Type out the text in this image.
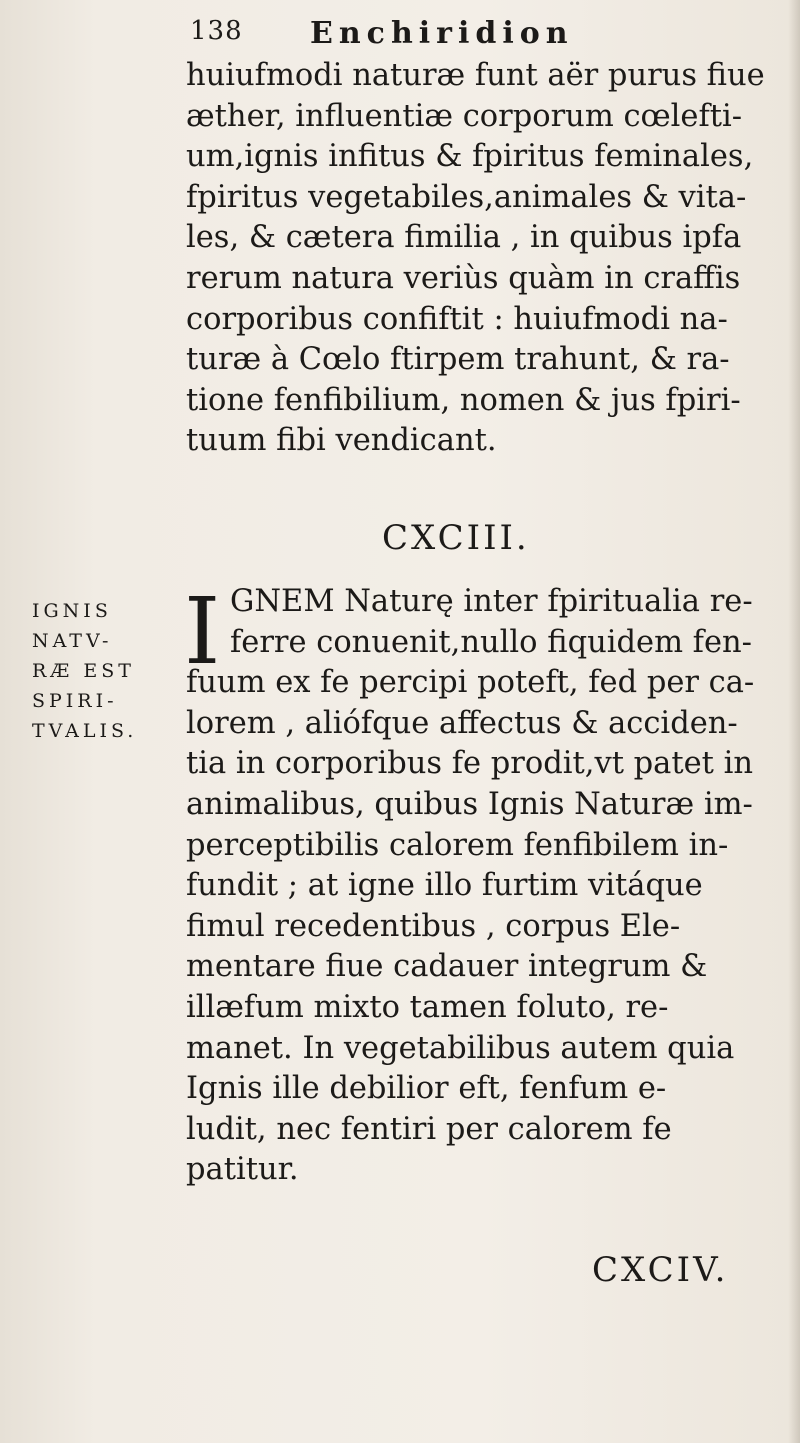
138 Enchiridion
huiufmodi naturæ funt aër purus fiue
æther, influentiæ corporum cœlefti-
um,ignis infitus & fpiritus feminales,
fpiritus vegetabiles,animales & vita-
les, & cætera fimilia , in quibus ipfa
rerum natura veriùs quàm in craffis
corporibus confiftit : huiufmodi na-
turæ à Cœlo ftirpem trahunt, & ra-
tione fenfibilium, nomen & jus fpiri-
tuum fibi vendicant.
CXCIII.
IGNIS
NATV-
RÆ EST
SPIRI-
TVALIS.
I GNEM Naturę inter fpiritualia re-
ferre conuenit,nullo fiquidem fen-
fuum ex fe percipi poteft, fed per ca-
lorem , aliófque affectus & acciden-
tia in corporibus fe prodit,vt patet in
animalibus, quibus Ignis Naturæ im-
perceptibilis calorem fenfibilem in-
fundit ; at igne illo furtim vitáque
fimul recedentibus , corpus Ele-
mentare fiue cadauer integrum &
illæfum mixto tamen foluto, re-
manet. In vegetabilibus autem quia
Ignis ille debilior eft, fenfum e-
ludit, nec fentiri per calorem fe
patitur.
CXCIV.
